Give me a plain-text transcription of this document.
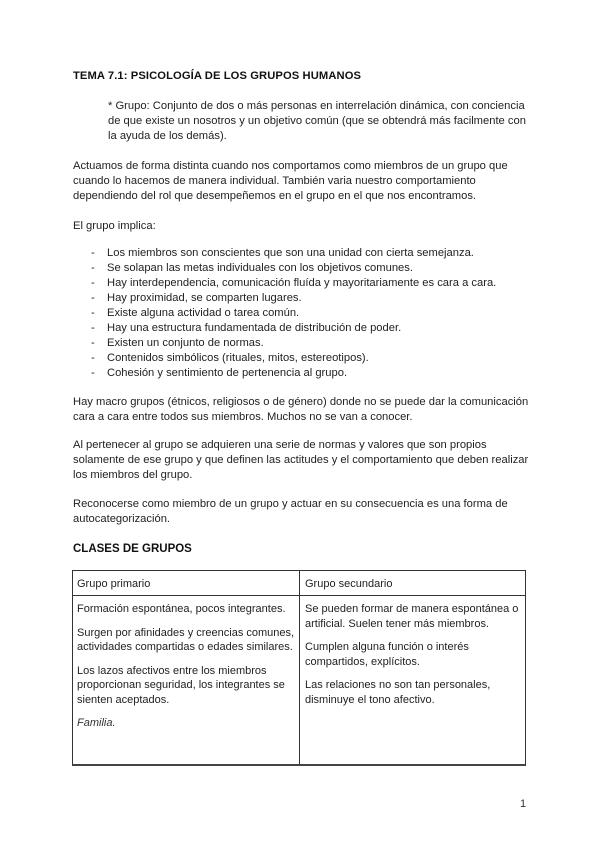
TEMA 7.1: PSICOLOGÍA DE LOS GRUPOS HUMANOS
* Grupo: Conjunto de dos o más personas en interrelación dinámica, con conciencia de que existe un nosotros y un objetivo común (que se obtendrá más facilmente con la ayuda de los demás).
Actuamos de forma distinta cuando nos comportamos como miembros de un grupo que cuando lo hacemos de manera individual. También varia nuestro comportamiento dependiendo del rol que desempeñemos en el grupo en el que nos encontramos.
El grupo implica:
- Los miembros son conscientes que son una unidad con cierta semejanza.
- Se solapan las metas individuales con los objetivos comunes.
- Hay interdependencia, comunicación fluída y mayoritariamente es cara a cara.
- Hay proximidad, se comparten lugares.
- Existe alguna actividad o tarea común.
- Hay una estructura fundamentada de distribución de poder.
- Existen un conjunto de normas.
- Contenidos simbólicos (rituales, mitos, estereotipos).
- Cohesión y sentimiento de pertenencia al grupo.
Hay macro grupos (étnicos, religiosos o de género) donde no se puede dar la comunicación cara a cara entre todos sus miembros. Muchos no se van a conocer.
Al pertenecer al grupo se adquieren una serie de normas y valores que son propios solamente de ese grupo y que definen las actitudes y el comportamiento que deben realizar los miembros del grupo.
Reconocerse como miembro de un grupo y actuar en su consecuencia es una forma de autocategorización.
CLASES DE GRUPOS
Grupo primario	Grupo secundario

Formación espontánea, pocos integrantes.

Surgen por afinidades y creencias comunes, actividades compartidas o edades similares.

Los lazos afectivos entre los miembros proporcionan seguridad, los integrantes se sienten aceptados.

Familia.

Se pueden formar de manera espontánea o artificial. Suelen tener más miembros.

Cumplen alguna función o interés compartidos, explícitos.

Las relaciones no son tan personales, disminuye el tono afectivo.

1
